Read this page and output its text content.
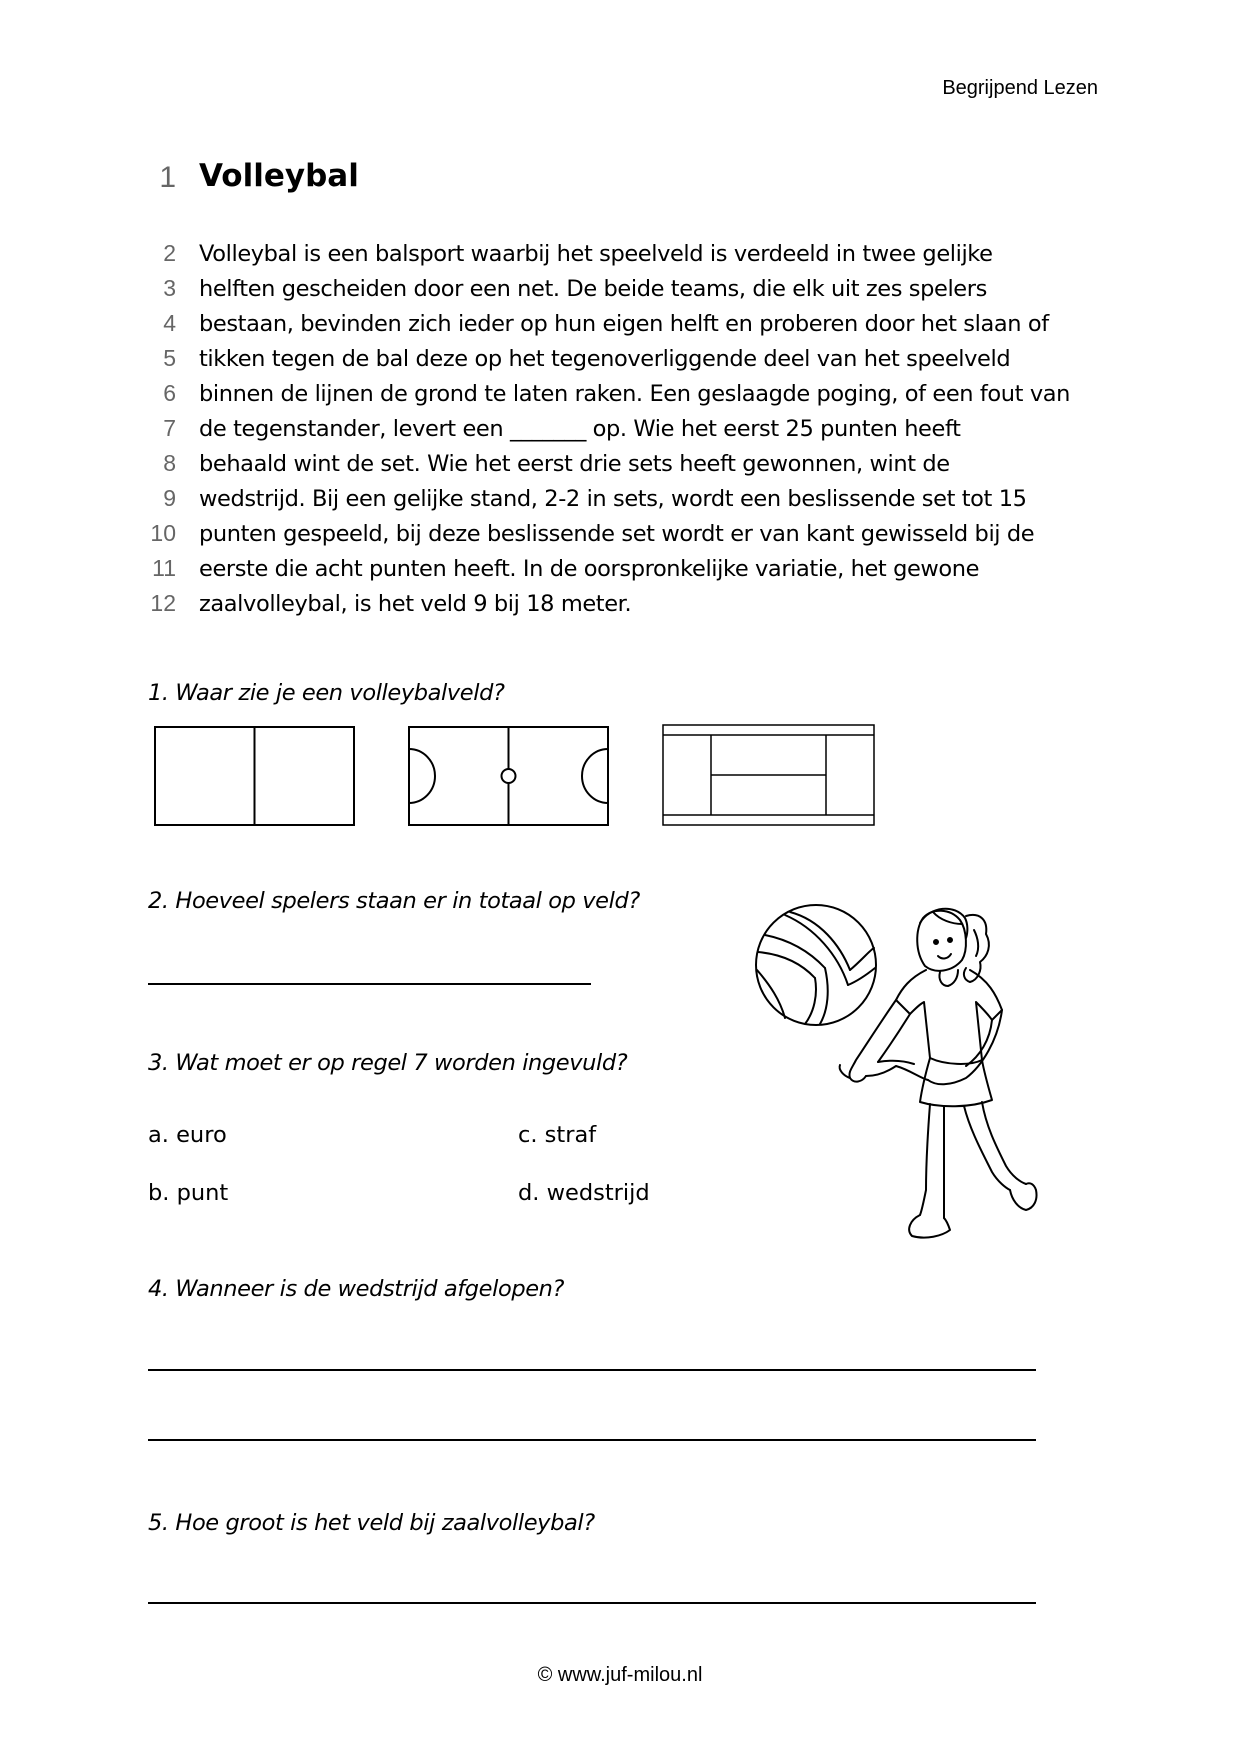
Begrijpend Lezen
1 Volleybal
2 Volleybal is een balsport waarbij het speelveld is verdeeld in twee gelijke
3 helften gescheiden door een net. De beide teams, die elk uit zes spelers
4 bestaan, bevinden zich ieder op hun eigen helft en proberen door het slaan of
5 tikken tegen de bal deze op het tegenoverliggende deel van het speelveld
6 binnen de lijnen de grond te laten raken. Een geslaagde poging, of een fout van
7 de tegenstander, levert een _______ op. Wie het eerst 25 punten heeft
8 behaald wint de set. Wie het eerst drie sets heeft gewonnen, wint de
9 wedstrijd. Bij een gelijke stand, 2-2 in sets, wordt een beslissende set tot 15
10 punten gespeeld, bij deze beslissende set wordt er van kant gewisseld bij de
11 eerste die acht punten heeft. In de oorspronkelijke variatie, het gewone
12 zaalvolleybal, is het veld 9 bij 18 meter.
1. Waar zie je een volleybalveld?
2. Hoeveel spelers staan er in totaal op veld?
3. Wat moet er op regel 7 worden ingevuld?
a. euro	c. straf
b. punt	d. wedstrijd
4. Wanneer is de wedstrijd afgelopen?
5. Hoe groot is het veld bij zaalvolleybal?
© www.juf-milou.nl
